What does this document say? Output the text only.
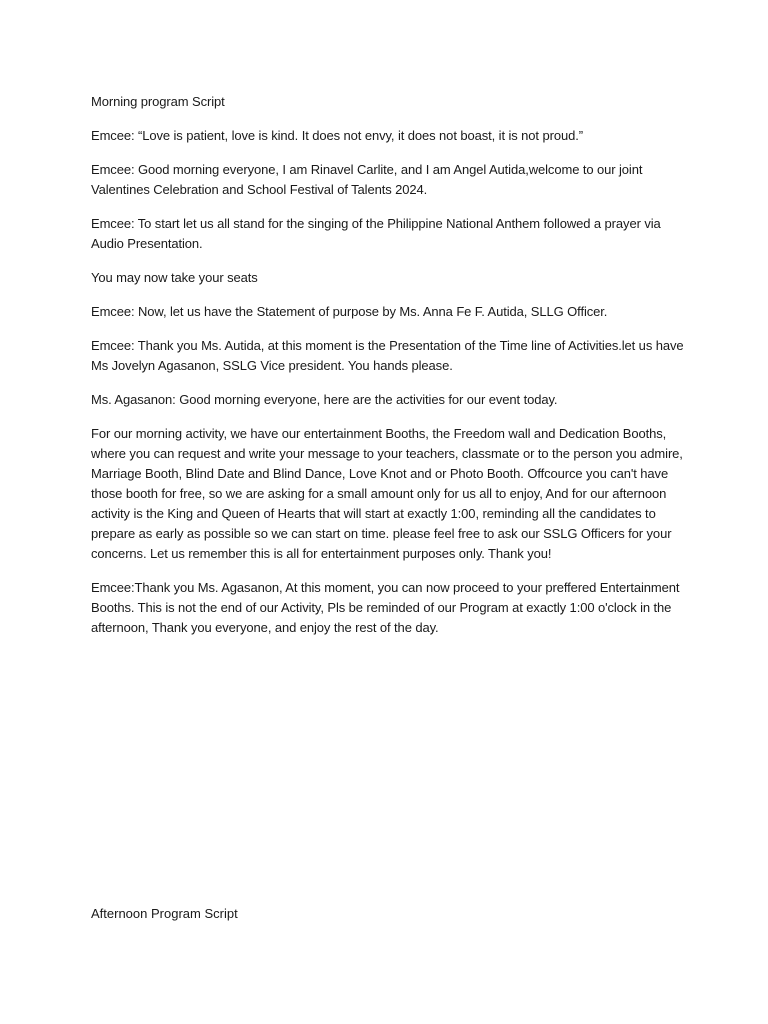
Morning program Script

Emcee: “Love is patient, love is kind. It does not envy, it does not boast, it is not proud.”

Emcee: Good morning everyone, I am Rinavel Carlite, and I am Angel Autida,welcome to our joint Valentines Celebration and School Festival of Talents 2024.

Emcee: To start let us all stand for the singing of the Philippine National Anthem followed a prayer via Audio Presentation.

You may now take your seats

Emcee: Now, let us have the Statement of purpose by Ms. Anna Fe F. Autida, SLLG Officer.

Emcee: Thank you Ms. Autida, at this moment is the Presentation of the Time line of Activities.let us have Ms Jovelyn Agasanon, SSLG Vice president. You hands please.

Ms. Agasanon: Good morning everyone, here are the activities for our event today.

For our morning activity, we have our entertainment Booths, the Freedom wall and Dedication Booths, where you can request and write your message to your teachers, classmate or to the person you admire, Marriage Booth, Blind Date and Blind Dance, Love Knot and or Photo Booth. Offcource you can't have those booth for free, so we are asking for a small amount only for us all to enjoy, And for our afternoon activity is the King and Queen of Hearts that will start at exactly 1:00, reminding all the candidates to prepare as early as possible so we can start on time. please feel free to ask our SSLG Officers for your concerns. Let us remember this is all for entertainment purposes only. Thank you!

Emcee:Thank you Ms. Agasanon, At this moment, you can now proceed to your preffered Entertainment Booths. This is not the end of our Activity, Pls be reminded of our Program at exactly 1:00 o'clock in the afternoon, Thank you everyone, and enjoy the rest of the day.

Afternoon Program Script
